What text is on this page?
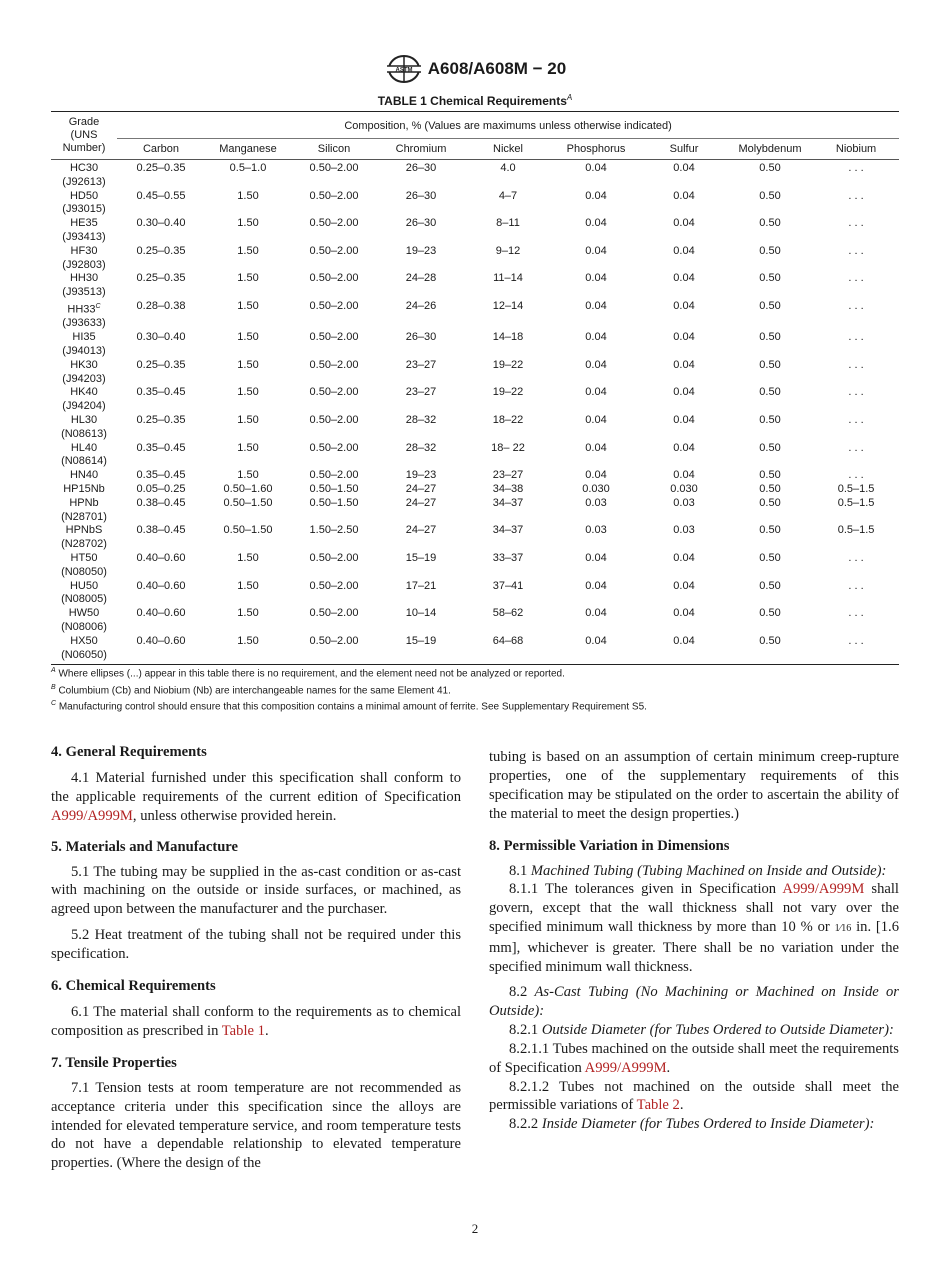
ASTM A608/A608M − 20
TABLE 1 Chemical Requirements$^A$
Grade
(UNS
Number)	Composition, % (Values are maximums unless otherwise indicated)								
	Carbon	Manganese	Silicon	Chromium	Nickel	Phosphorus	Sulfur	Molybdenum	Niobium

HC30
(J92613)	0.25–0.35	0.5–1.0	0.50–2.00	26–30	4.0	0.04	0.04	0.50	. . .

HD50
(J93015)	0.45–0.55	1.50	0.50–2.00	26–30	4–7	0.04	0.04	0.50	. . .

HE35
(J93413)	0.30–0.40	1.50	0.50–2.00	26–30	8–11	0.04	0.04	0.50	. . .

HF30
(J92803)	0.25–0.35	1.50	0.50–2.00	19–23	9–12	0.04	0.04	0.50	. . .

HH30
(J93513)	0.25–0.35	1.50	0.50–2.00	24–28	11–14	0.04	0.04	0.50	. . .

$HH33^C$
(J93633)	0.28–0.38	1.50	0.50–2.00	24–26	12–14	0.04	0.04	0.50	. . .

HI35
(J94013)	0.30–0.40	1.50	0.50–2.00	26–30	14–18	0.04	0.04	0.50	. . .

HK30
(J94203)	0.25–0.35	1.50	0.50–2.00	23–27	19–22	0.04	0.04	0.50	. . .

HK40
(J94204)	0.35–0.45	1.50	0.50–2.00	23–27	19–22	0.04	0.04	0.50	. . .

HL30
(N08613)	0.25–0.35	1.50	0.50–2.00	28–32	18–22	0.04	0.04	0.50	. . .

HL40
(N08614)	0.35–0.45	1.50	0.50–2.00	28–32	18– 22	0.04	0.04	0.50	. . .

HN40	0.35–0.45	1.50	0.50–2.00	19–23	23–27	0.04	0.04	0.50	. . .

HP15Nb	0.05–0.25	0.50–1.60	0.50–1.50	24–27	34–38	0.030	0.030	0.50	0.5–1.5

HPNb
(N28701)	0.38–0.45	0.50–1.50	0.50–1.50	24–27	34–37	0.03	0.03	0.50	0.5–1.5

HPNbS
(N28702)	0.38–0.45	0.50–1.50	1.50–2.50	24–27	34–37	0.03	0.03	0.50	0.5–1.5

HT50
(N08050)	0.40–0.60	1.50	0.50–2.00	15–19	33–37	0.04	0.04	0.50	. . .

HU50
(N08005)	0.40–0.60	1.50	0.50–2.00	17–21	37–41	0.04	0.04	0.50	. . .

HW50
(N08006)	0.40–0.60	1.50	0.50–2.00	10–14	58–62	0.04	0.04	0.50	. . .

HX50
(N06050)	0.40–0.60	1.50	0.50–2.00	15–19	64–68	0.04	0.04	0.50	. . .
$^A$ Where ellipses (...) appear in this table there is no requirement, and the element need not be analyzed or reported.
$^B$ Columbium (Cb) and Niobium (Nb) are interchangeable names for the same Element 41.
$^C$ Manufacturing control should ensure that this composition contains a minimal amount of ferrite. See Supplementary Requirement S5.
4. General Requirements

4.1 Material furnished under this specification shall conform to the applicable requirements of the current edition of Specification A999/A999M, unless otherwise provided herein.

5. Materials and Manufacture

5.1 The tubing may be supplied in the as-cast condition or as-cast with machining on the outside or inside surfaces, or machined, as agreed upon between the manufacturer and the purchaser.

5.2 Heat treatment of the tubing shall not be required under this specification.

6. Chemical Requirements

6.1 The material shall conform to the requirements as to chemical composition as prescribed in Table 1.

7. Tensile Properties

7.1 Tension tests at room temperature are not recommended as acceptance criteria under this specification since the alloys are intended for elevated temperature service, and room temperature tests do not have a dependable relationship to elevated temperature properties. (Where the design of the

tubing is based on an assumption of certain minimum creep-rupture properties, one of the supplementary requirements of this specification may be stipulated on the order to ascertain the ability of the material to meet the design properties.)

8. Permissible Variation in Dimensions

8.1 Machined Tubing (Tubing Machined on Inside and Outside):

8.1.1 The tolerances given in Specification A999/A999M shall govern, except that the wall thickness shall not vary over the specified minimum wall thickness by more than 10 % or 1⁄16 in. [1.6 mm], whichever is greater. There shall be no variation under the specified minimum wall thickness.

8.2 As-Cast Tubing (No Machining or Machined on Inside or Outside):

8.2.1 Outside Diameter (for Tubes Ordered to Outside Diameter):

8.2.1.1 Tubes machined on the outside shall meet the requirements of Specification A999/A999M.

8.2.1.2 Tubes not machined on the outside shall meet the permissible variations of Table 2.

8.2.2 Inside Diameter (for Tubes Ordered to Inside Diameter):

2
